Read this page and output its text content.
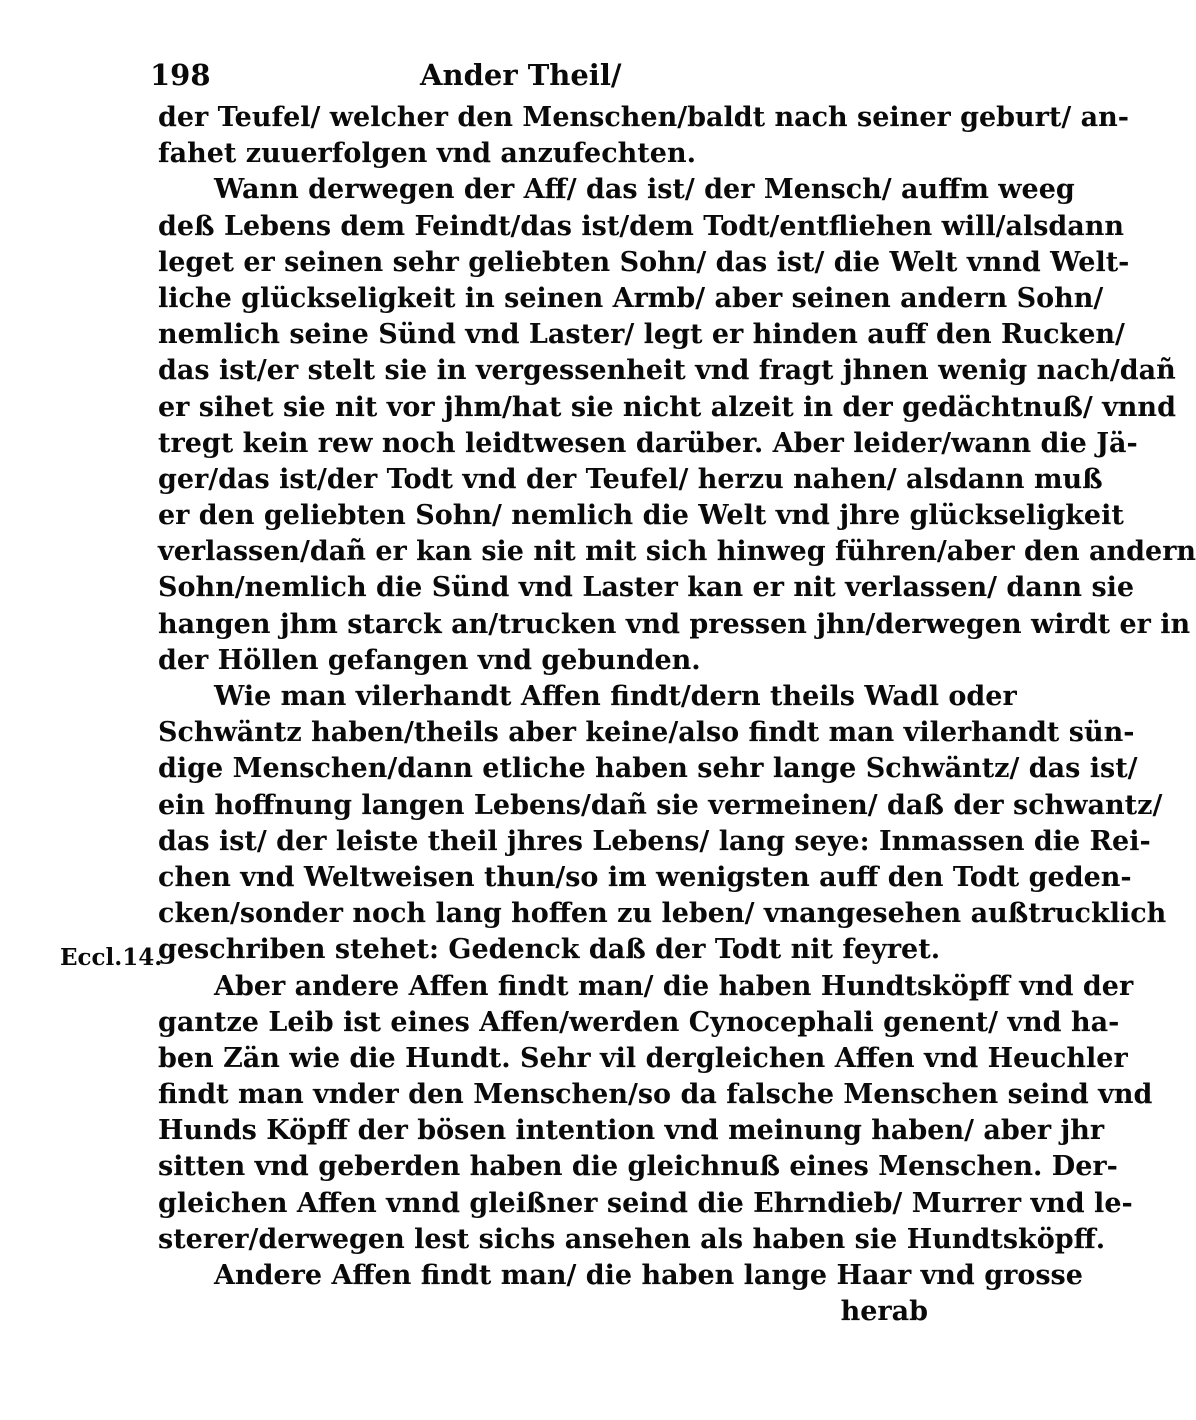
198	Ander Theil/
der Teufel/ welcher den Menschen/baldt nach seiner geburt/ an-
fahet zuuerfolgen vnd anzufechten.
Wann derwegen der Aff/ das ist/ der Mensch/ auffm weeg
deß Lebens dem Feindt/das ist/dem Todt/entfliehen will/alsdann
leget er seinen sehr geliebten Sohn/ das ist/ die Welt vnnd Welt-
liche glückseligkeit in seinen Armb/ aber seinen andern Sohn/
nemlich seine Sünd vnd Laster/ legt er hinden auff den Rucken/
das ist/er stelt sie in vergessenheit vnd fragt jhnen wenig nach/dañ
er sihet sie nit vor jhm/hat sie nicht alzeit in der gedächtnuß/ vnnd
tregt kein rew noch leidtwesen darüber. Aber leider/wann die Jä-
ger/das ist/der Todt vnd der Teufel/ herzu nahen/ alsdann muß
er den geliebten Sohn/ nemlich die Welt vnd jhre glückseligkeit
verlassen/dañ er kan sie nit mit sich hinweg führen/aber den andern
Sohn/nemlich die Sünd vnd Laster kan er nit verlassen/ dann sie
hangen jhm starck an/trucken vnd pressen jhn/derwegen wirdt er in
der Höllen gefangen vnd gebunden.
Wie man vilerhandt Affen findt/dern theils Wadl oder
Schwäntz haben/theils aber keine/also findt man vilerhandt sün-
dige Menschen/dann etliche haben sehr lange Schwäntz/ das ist/
ein hoffnung langen Lebens/dañ sie vermeinen/ daß der schwantz/
das ist/ der leiste theil jhres Lebens/ lang seye: Inmassen die Rei-
chen vnd Weltweisen thun/so im wenigsten auff den Todt geden-
cken/sonder noch lang hoffen zu leben/ vnangesehen außtrucklich
geschriben stehet: Gedenck daß der Todt nit feyret.
Aber andere Affen findt man/ die haben Hundtsköpff vnd der
gantze Leib ist eines Affen/werden Cynocephali genent/ vnd ha-
ben Zän wie die Hundt. Sehr vil dergleichen Affen vnd Heuchler
findt man vnder den Menschen/so da falsche Menschen seind vnd
Hunds Köpff der bösen intention vnd meinung haben/ aber jhr
sitten vnd geberden haben die gleichnuß eines Menschen. Der-
gleichen Affen vnnd gleißner seind die Ehrndieb/ Murrer vnd le-
sterer/derwegen lest sichs ansehen als haben sie Hundtsköpff.
Andere Affen findt man/ die haben lange Haar vnd grosse
herab
Eccl.14.
